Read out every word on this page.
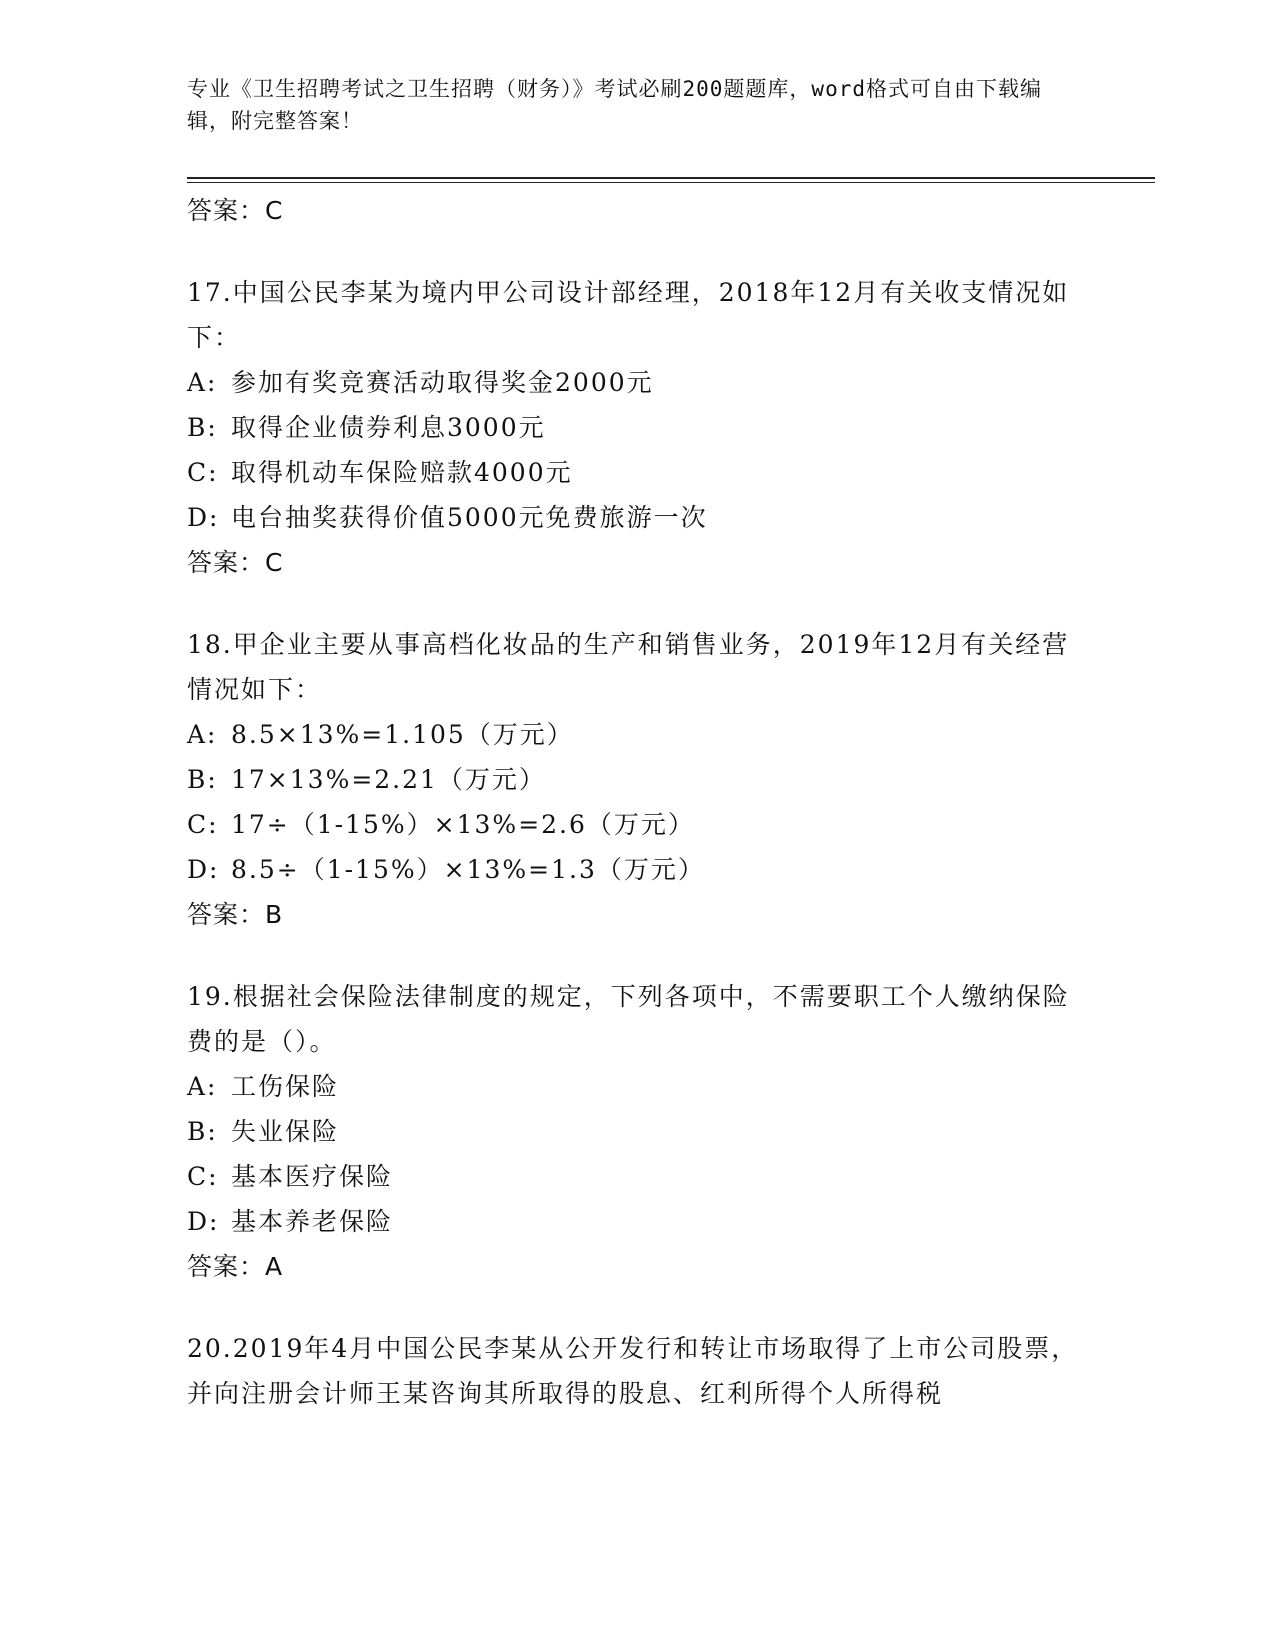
专业《卫生招聘考试之卫生招聘（财务）》考试必刷200题题库，word格式可自由下载编辑，附完整答案！
答案：C
17.中国公民李某为境内甲公司设计部经理，2018年12月有关收支情况如下：
A: 参加有奖竞赛活动取得奖金2000元
B: 取得企业债券利息3000元
C: 取得机动车保险赔款4000元
D: 电台抽奖获得价值5000元免费旅游一次
答案：C
18.甲企业主要从事高档化妆品的生产和销售业务，2019年12月有关经营情况如下：
A: 8.5×13%=1.105（万元）
B: 17×13%=2.21（万元）
C: 17÷（1-15%）×13%=2.6（万元）
D: 8.5÷（1-15%）×13%=1.3（万元）
答案：B
19.根据社会保险法律制度的规定，下列各项中，不需要职工个人缴纳保险费的是（）。
A: 工伤保险
B: 失业保险
C: 基本医疗保险
D: 基本养老保险
答案：A
20.2019年4月中国公民李某从公开发行和转让市场取得了上市公司股票，并向注册会计师王某咨询其所取得的股息、红利所得个人所得税
